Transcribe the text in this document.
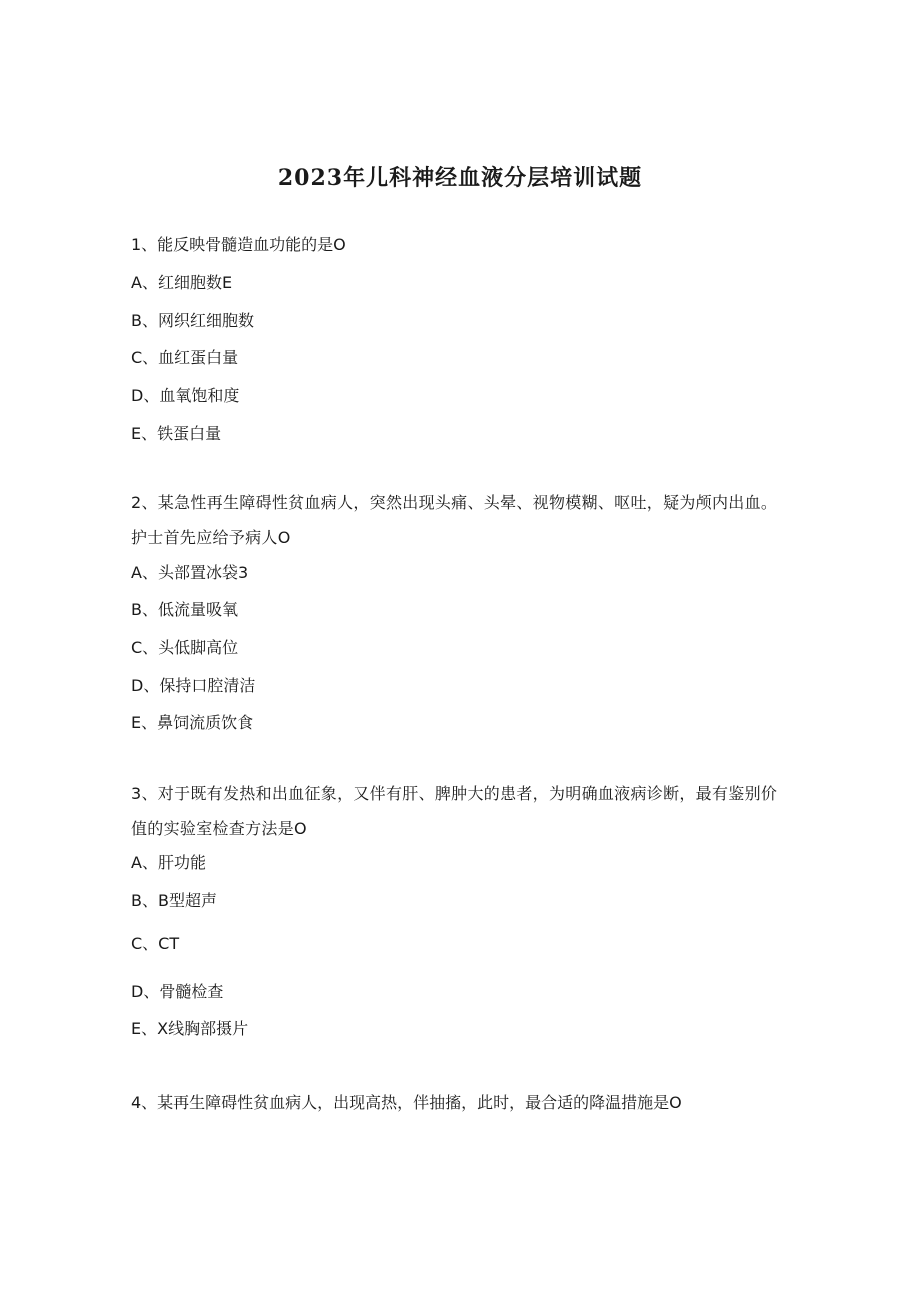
2023年儿科神经血液分层培训试题
1、能反映骨髓造血功能的是O
A、红细胞数E
B、网织红细胞数
C、血红蛋白量
D、血氧饱和度
E、铁蛋白量
2、某急性再生障碍性贫血病人，突然出现头痛、头晕、视物模糊、呕吐，疑为颅内出血。护士首先应给予病人O
A、头部置冰袋3
B、低流量吸氧
C、头低脚高位
D、保持口腔清洁
E、鼻饲流质饮食
3、对于既有发热和出血征象，又伴有肝、脾肿大的患者，为明确血液病诊断，最有鉴别价值的实验室检查方法是O
A、肝功能
B、B型超声
C、CT
D、骨髓检查
E、X线胸部摄片
4、某再生障碍性贫血病人，出现高热，伴抽搐，此时，最合适的降温措施是O
